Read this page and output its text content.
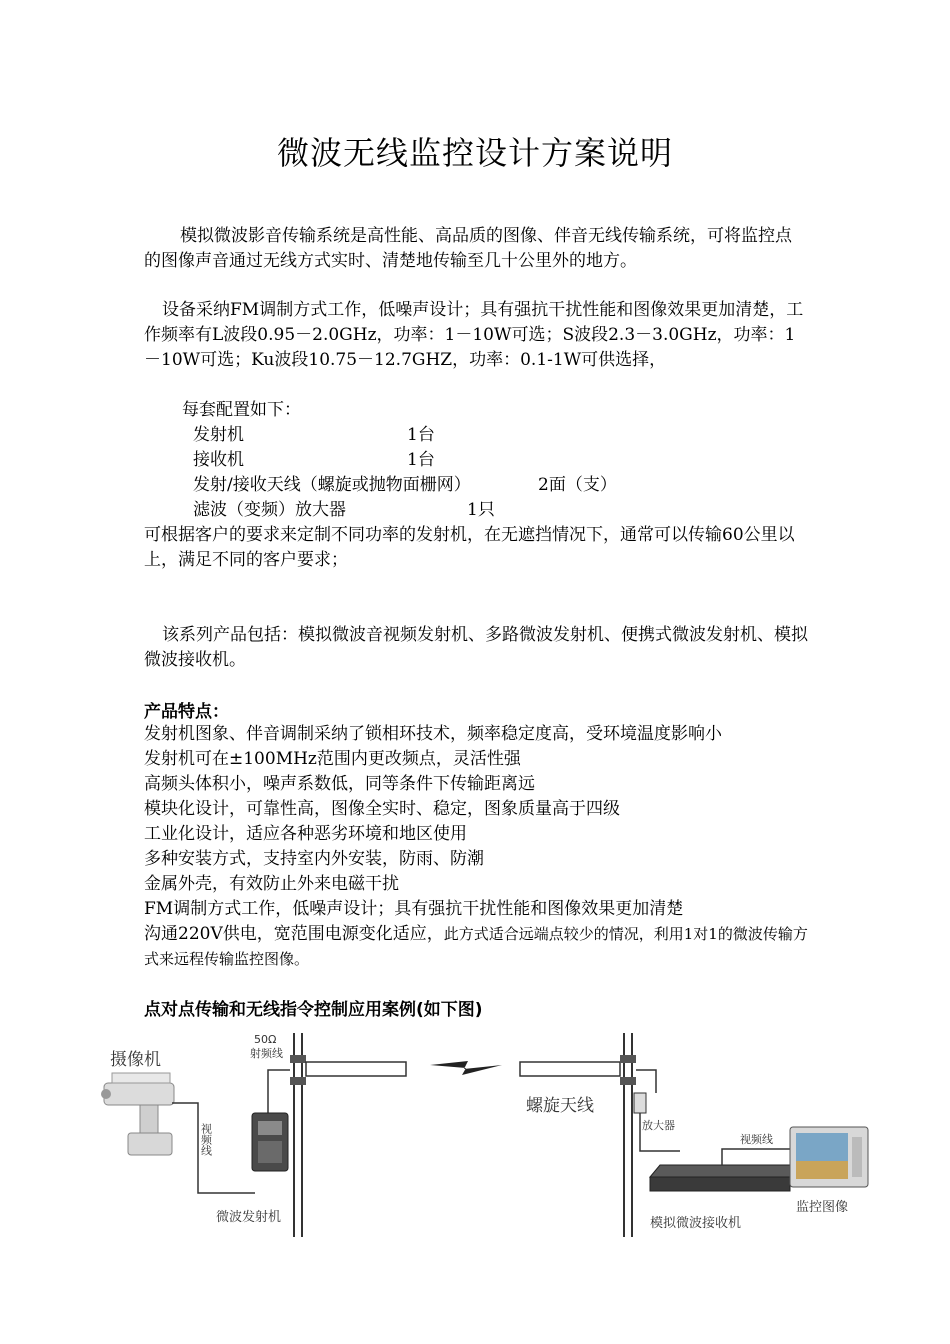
微波无线监控设计方案说明

模拟微波影音传输系统是高性能、高品质的图像、伴音无线传输系统，可将监控点的图像声音通过无线方式实时、清楚地传输至几十公里外的地方。

设备采纳FM调制方式工作，低噪声设计；具有强抗干扰性能和图像效果更加清楚，工作频率有L波段0.95－2.0GHz，功率：1－10W可选；S波段2.3－3.0GHz，功率：1－10W可选；Ku波段10.75－12.7GHZ，功率：0.1-1W可供选择，

每套配置如下：
发射机	1台
接收机	1台
发射/接收天线（螺旋或抛物面栅网）	2面（支）
滤波（变频）放大器	1只

可根据客户的要求来定制不同功率的发射机，在无遮挡情况下，通常可以传输60公里以上，满足不同的客户要求；

该系列产品包括：模拟微波音视频发射机、多路微波发射机、便携式微波发射机、模拟微波接收机。

产品特点：
发射机图象、伴音调制采纳了锁相环技术，频率稳定度高，受环境温度影响小
发射机可在±100MHz范围内更改频点，灵活性强
高频头体积小，噪声系数低，同等条件下传输距离远
模块化设计，可靠性高，图像全实时、稳定，图象质量高于四级
工业化设计，适应各种恶劣环境和地区使用
多种安装方式，支持室内外安装，防雨、防潮
金属外壳，有效防止外来电磁干扰
FM调制方式工作，低噪声设计；具有强抗干扰性能和图像效果更加清楚

沟通220V供电，宽范围电源变化适应，此方式适合远端点较少的情况，利用1对1的微波传输方式来远程传输监控图像。

点对点传输和无线指令控制应用案例(如下图)
摄像机
视频线
50Ω
射频线
微波发射机
螺旋天线
放大器
模拟微波接收机
视频线
监控图像
